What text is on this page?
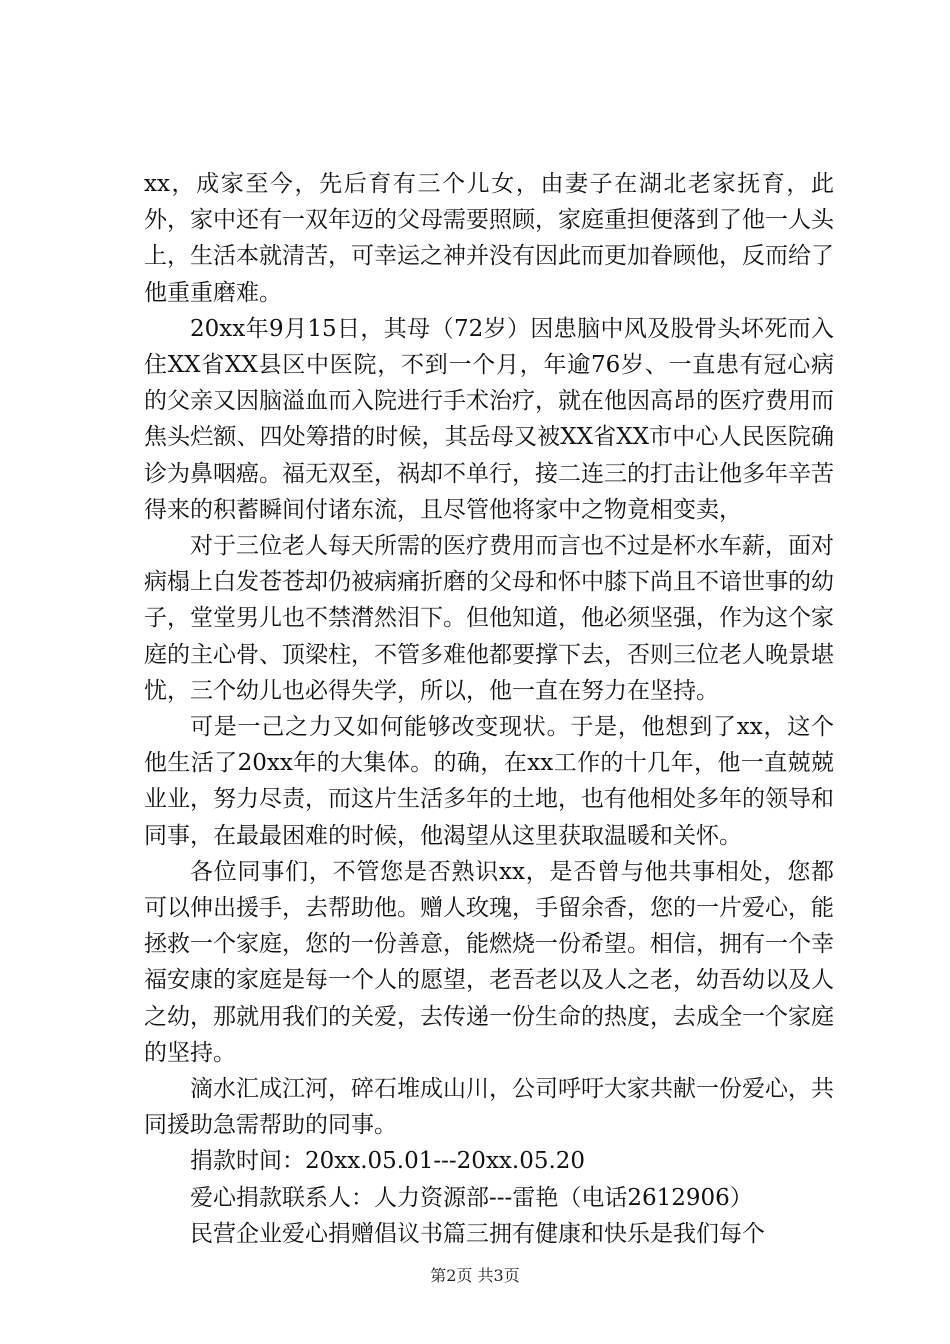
xx，成家至今，先后育有三个儿女，由妻子在湖北老家抚育，此外，家中还有一双年迈的父母需要照顾，家庭重担便落到了他一人头上，生活本就清苦，可幸运之神并没有因此而更加眷顾他，反而给了他重重磨难。

20xx年9月15日，其母（72岁）因患脑中风及股骨头坏死而入住XX省XX县区中医院，不到一个月，年逾76岁、一直患有冠心病的父亲又因脑溢血而入院进行手术治疗，就在他因高昂的医疗费用而焦头烂额、四处筹措的时候，其岳母又被XX省XX市中心人民医院确诊为鼻咽癌。福无双至，祸却不单行，接二连三的打击让他多年辛苦得来的积蓄瞬间付诸东流，且尽管他将家中之物竟相变卖，

对于三位老人每天所需的医疗费用而言也不过是杯水车薪，面对病榻上白发苍苍却仍被病痛折磨的父母和怀中膝下尚且不谙世事的幼子，堂堂男儿也不禁潸然泪下。但他知道，他必须坚强，作为这个家庭的主心骨、顶梁柱，不管多难他都要撑下去，否则三位老人晚景堪忧，三个幼儿也必得失学，所以，他一直在努力在坚持。

可是一己之力又如何能够改变现状。于是，他想到了xx，这个他生活了20xx年的大集体。的确，在xx工作的十几年，他一直兢兢业业，努力尽责，而这片生活多年的土地，也有他相处多年的领导和同事，在最最困难的时候，他渴望从这里获取温暖和关怀。

各位同事们，不管您是否熟识xx，是否曾与他共事相处，您都可以伸出援手，去帮助他。赠人玫瑰，手留余香，您的一片爱心，能拯救一个家庭，您的一份善意，能燃烧一份希望。相信，拥有一个幸福安康的家庭是每一个人的愿望，老吾老以及人之老，幼吾幼以及人之幼，那就用我们的关爱，去传递一份生命的热度，去成全一个家庭的坚持。

滴水汇成江河，碎石堆成山川，公司呼吁大家共献一份爱心，共同援助急需帮助的同事。

捐款时间：20xx.05.01---20xx.05.20

爱心捐款联系人：人力资源部---雷艳（电话2612906）

民营企业爱心捐赠倡议书篇三拥有健康和快乐是我们每个

第2页 共3页
